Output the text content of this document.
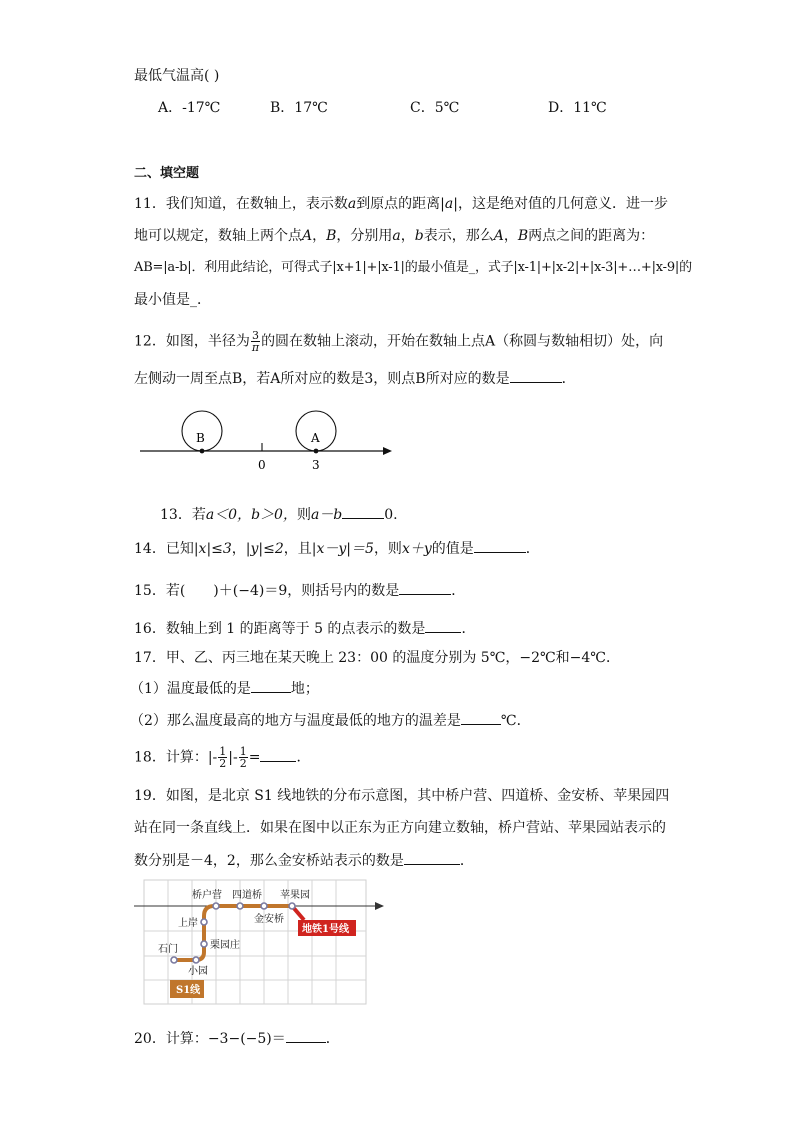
最低气温高( )
A．-17℃	B．17℃	C．5℃	D．11℃
二、填空题
11．我们知道，在数轴上，表示数a到原点的距离|a|，这是绝对值的几何意义．进一步
地可以规定，数轴上两个点A，B，分别用a，b表示，那么A，B两点之间的距离为：
AB=|a-b|．利用此结论，可得式子|x+1|+|x-1|的最小值是_，式子|x-1|+|x-2|+|x-3|+…+|x-9|的
最小值是_．
12．如图，半径为 $\frac{3}{\pi}$ 的圆在数轴上滚动，开始在数轴上点A（称圆与数轴相切）处，向
左侧动一周至点B，若A所对应的数是3，则点B所对应的数是	．
B	A
0	3
13．若a＜0，b＞0，则a－b	0.
14．已知|x|≤3，|y|≤2，且|x－y|＝5，则x＋y的值是	．
15．若(　　)＋(−4)＝9，则括号内的数是	．
16．数轴上到 1 的距离等于 5 的点表示的数是	．
17．甲、乙、丙三地在某天晚上 23：00 的温度分别为 5℃，−2℃和−4℃．
（1）温度最低的是	地；
（2）那么温度最高的地方与温度最低的地方的温差是	℃．
18．计算：|- $\frac{1}{2}$ |- $\frac{1}{2}$ =	．
19．如图，是北京 S1 线地铁的分布示意图，其中桥户营、四道桥、金安桥、苹果园四
站在同一条直线上．如果在图中以正东为正方向建立数轴，桥户营站、苹果园站表示的
数分别是－4，2，那么金安桥站表示的数是	．
桥户营 四道桥 苹果园
上岸	金安桥
栗园庄
石门
小园
地铁1号线
S1线
20．计算：−3−(−5)＝	．
